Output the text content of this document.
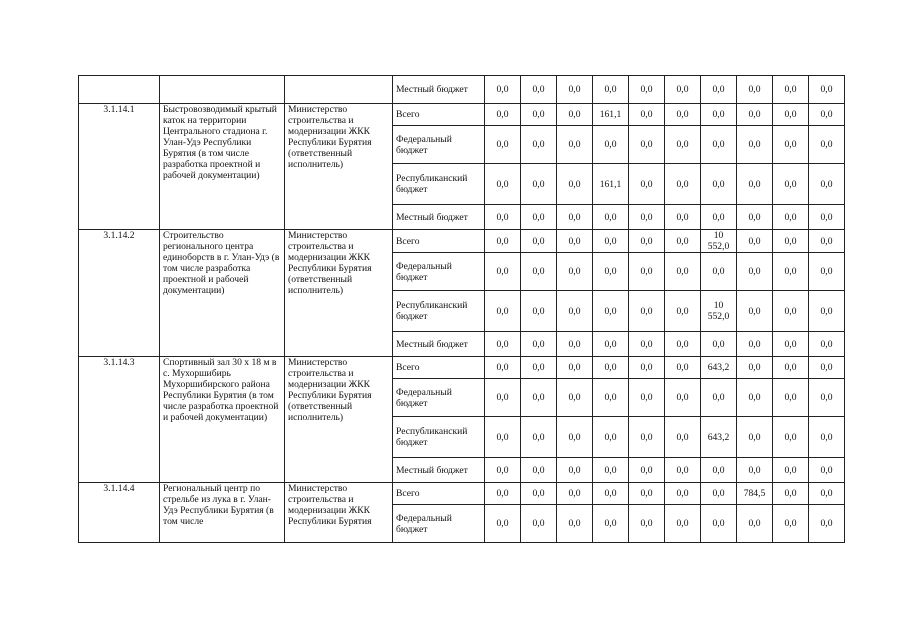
			Местный бюджет	0,0	0,0	0,0	0,0	0,0	0,0	0,0	0,0	0,0	0,0
3.1.14.1	Быстровозводимый крытый каток на территории Центрального стадиона г. Улан-Удэ Республики Бурятия (в том числе разработка проектной и рабочей документации)	Министерство строительства и модернизации ЖКК Республики Бурятия (ответственный исполнитель)	Всего	0,0	0,0	0,0	161,1	0,0	0,0	0,0	0,0	0,0	0,0
			Федеральный бюджет	0,0	0,0	0,0	0,0	0,0	0,0	0,0	0,0	0,0	0,0
			Республиканский бюджет	0,0	0,0	0,0	161,1	0,0	0,0	0,0	0,0	0,0	0,0
			Местный бюджет	0,0	0,0	0,0	0,0	0,0	0,0	0,0	0,0	0,0	0,0
3.1.14.2	Строительство регионального центра единоборств в г. Улан-Удэ (в том числе разработка проектной и рабочей документации)	Министерство строительства и модернизации ЖКК Республики Бурятия (ответственный исполнитель)	Всего	0,0	0,0	0,0	0,0	0,0	0,0	10 552,0	0,0	0,0	0,0
			Федеральный бюджет	0,0	0,0	0,0	0,0	0,0	0,0	0,0	0,0	0,0	0,0
			Республиканский бюджет	0,0	0,0	0,0	0,0	0,0	0,0	10 552,0	0,0	0,0	0,0
			Местный бюджет	0,0	0,0	0,0	0,0	0,0	0,0	0,0	0,0	0,0	0,0
3.1.14.3	Спортивный зал 30 х 18 м в с. Мухоршибирь Мухоршибирского района Республики Бурятия (в том числе разработка проектной и рабочей документации)	Министерство строительства и модернизации ЖКК Республики Бурятия (ответственный исполнитель)	Всего	0,0	0,0	0,0	0,0	0,0	0,0	643,2	0,0	0,0	0,0
			Федеральный бюджет	0,0	0,0	0,0	0,0	0,0	0,0	0,0	0,0	0,0	0,0
			Республиканский бюджет	0,0	0,0	0,0	0,0	0,0	0,0	643,2	0,0	0,0	0,0
			Местный бюджет	0,0	0,0	0,0	0,0	0,0	0,0	0,0	0,0	0,0	0,0
3.1.14.4	Региональный центр по стрельбе из лука в г. Улан-Удэ Республики Бурятия (в том числе	Министерство строительства и модернизации ЖКК Республики Бурятия	Всего	0,0	0,0	0,0	0,0	0,0	0,0	0,0	784,5	0,0	0,0
			Федеральный бюджет	0,0	0,0	0,0	0,0	0,0	0,0	0,0	0,0	0,0	0,0
